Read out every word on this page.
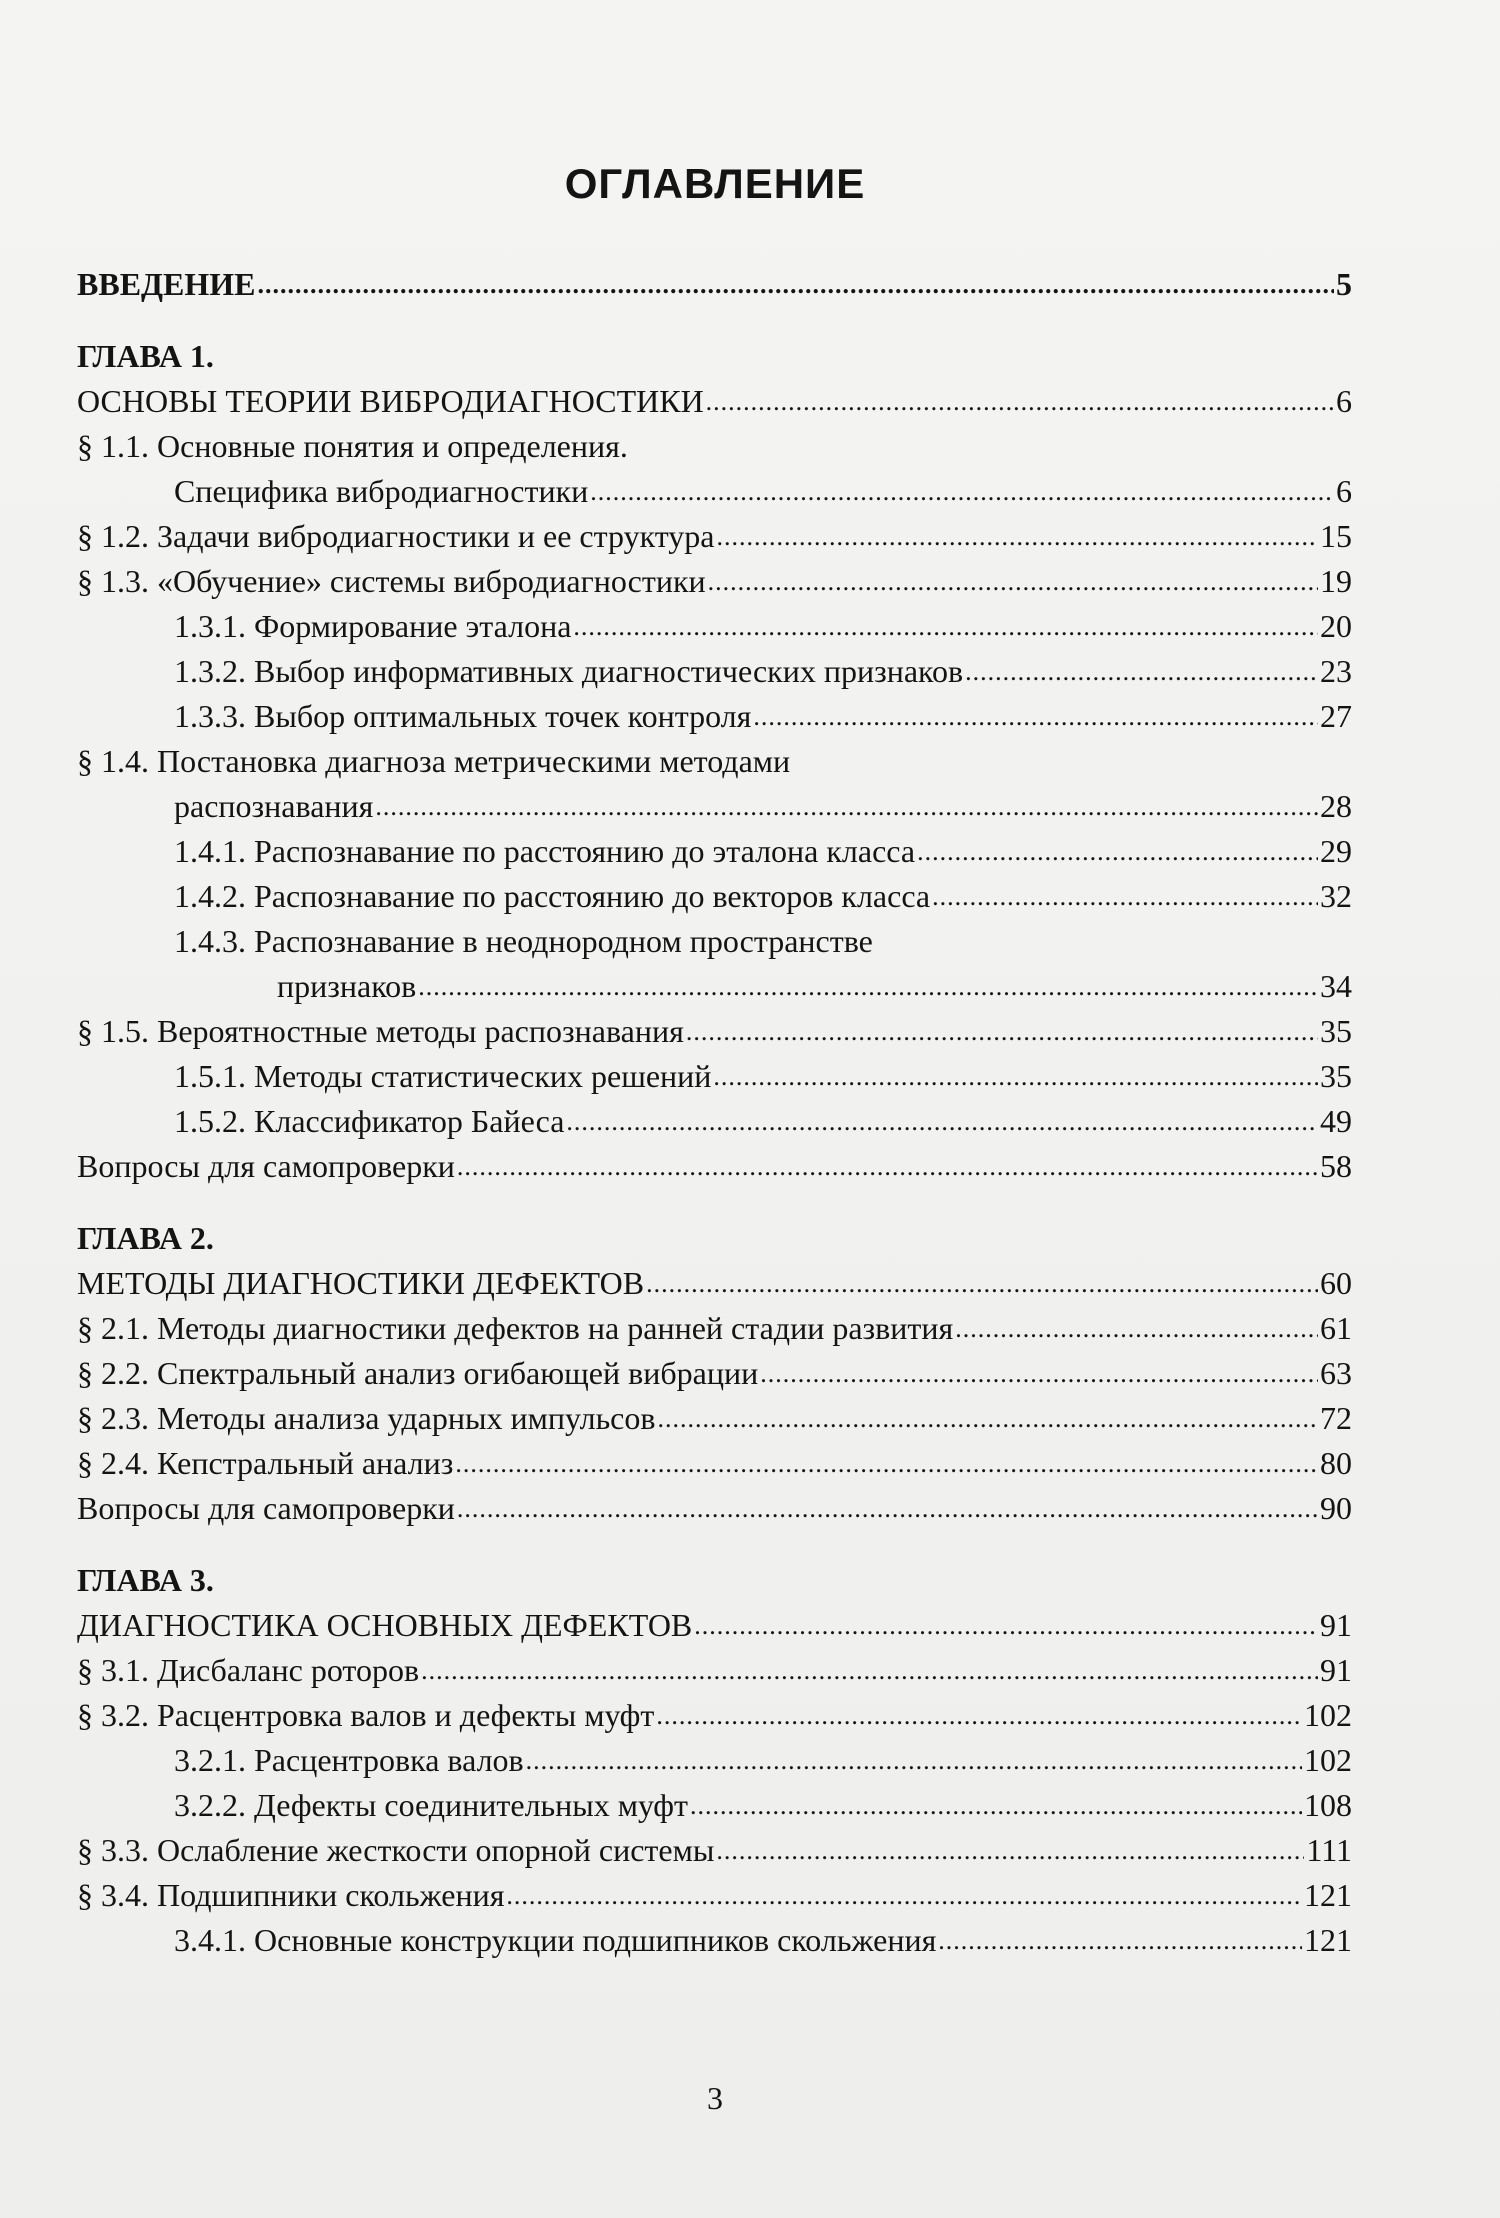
ОГЛАВЛЕНИЕ
ВВЕДЕНИЕ .....	5
ГЛАВА 1.
ОСНОВЫ ТЕОРИИ ВИБРОДИАГНОСТИКИ .....	6
§ 1.1. Основные понятия и определения.
Специфика вибродиагностики .....	6
§ 1.2. Задачи вибродиагностики и ее структура .....	15
§ 1.3. «Обучение» системы вибродиагностики .....	19
1.3.1. Формирование эталона .....	20
1.3.2. Выбор информативных диагностических признаков .....	23
1.3.3. Выбор оптимальных точек контроля .....	27
§ 1.4. Постановка диагноза метрическими методами
распознавания .....	28
1.4.1. Распознавание по расстоянию до эталона класса .....	29
1.4.2. Распознавание по расстоянию до векторов класса .....	32
1.4.3. Распознавание в неоднородном пространстве
признаков .....	34
§ 1.5. Вероятностные методы распознавания .....	35
1.5.1. Методы статистических решений .....	35
1.5.2. Классификатор Байеса .....	49
Вопросы для самопроверки .....	58
ГЛАВА 2.
МЕТОДЫ ДИАГНОСТИКИ ДЕФЕКТОВ .....	60
§ 2.1. Методы диагностики дефектов на ранней стадии развития .....	61
§ 2.2. Спектральный анализ огибающей вибрации .....	63
§ 2.3. Методы анализа ударных импульсов .....	72
§ 2.4. Кепстральный анализ .....	80
Вопросы для самопроверки .....	90
ГЛАВА 3.
ДИАГНОСТИКА ОСНОВНЫХ ДЕФЕКТОВ .....	91
§ 3.1. Дисбаланс роторов .....	91
§ 3.2. Расцентровка валов и дефекты муфт .....	102
3.2.1. Расцентровка валов .....	102
3.2.2. Дефекты соединительных муфт .....	108
§ 3.3. Ослабление жесткости опорной системы .....	111
§ 3.4. Подшипники скольжения .....	121
3.4.1. Основные конструкции подшипников скольжения .....	121
3
